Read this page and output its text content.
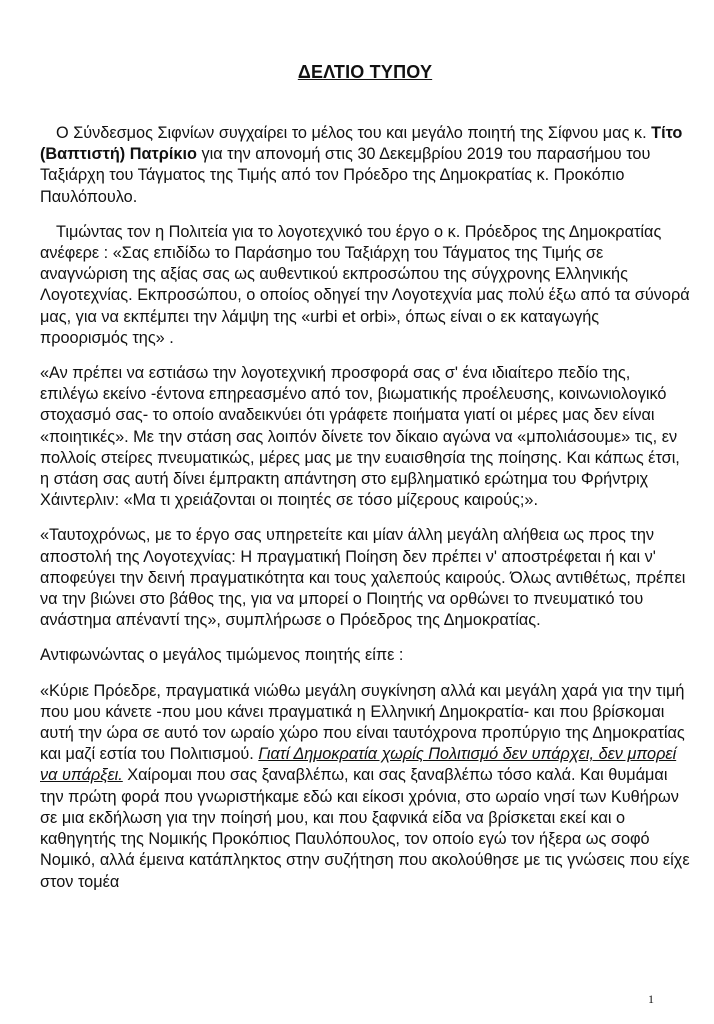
ΔΕΛΤΙΟ ΤΥΠΟΥ

Ο Σύνδεσμος Σιφνίων συγχαίρει το μέλος του και μεγάλο ποιητή της Σίφνου μας κ. Τίτο (Βαπτιστή) Πατρίκιο για την απονομή στις 30 Δεκεμβρίου 2019 του παρασήμου του Ταξιάρχη του Τάγματος της Τιμής από τον Πρόεδρο της Δημοκρατίας κ. Προκόπιο Παυλόπουλο.

Τιμώντας τον η Πολιτεία για το λογοτεχνικό του έργο ο κ. Πρόεδρος της Δημοκρατίας ανέφερε : «Σας επιδίδω το Παράσημο του Ταξιάρχη του Τάγματος της Τιμής σε αναγνώριση της αξίας σας ως αυθεντικού εκπροσώπου της σύγχρονης Ελληνικής Λογοτεχνίας. Εκπροσώπου, ο οποίος οδηγεί την Λογοτεχνία μας πολύ έξω από τα σύνορά μας, για να εκπέμπει την λάμψη της «urbi et orbi», όπως είναι ο εκ καταγωγής προορισμός της» .

«Αν πρέπει να εστιάσω την λογοτεχνική προσφορά σας σ' ένα ιδιαίτερο πεδίο της, επιλέγω εκείνο -έντονα επηρεασμένο από τον, βιωματικής προέλευσης, κοινωνιολογικό στοχασμό σας- το οποίο αναδεικνύει ότι γράφετε ποιήματα γιατί οι μέρες μας δεν είναι «ποιητικές». Με την στάση σας λοιπόν δίνετε τον δίκαιο αγώνα να «μπολιάσουμε» τις, εν πολλοίς στείρες πνευματικώς, μέρες μας με την ευαισθησία της ποίησης. Και κάπως έτσι, η στάση σας αυτή δίνει έμπρακτη απάντηση στο εμβληματικό ερώτημα του Φρήντριχ Χάιντερλιν: «Μα τι χρειάζονται οι ποιητές σε τόσο μίζερους καιρούς;».

«Ταυτοχρόνως, με το έργο σας υπηρετείτε και μίαν άλλη μεγάλη αλήθεια ως προς την αποστολή της Λογοτεχνίας: Η πραγματική Ποίηση δεν πρέπει ν' αποστρέφεται ή και ν' αποφεύγει την δεινή πραγματικότητα και τους χαλεπούς καιρούς. Όλως αντιθέτως, πρέπει να την βιώνει στο βάθος της, για να μπορεί ο Ποιητής να ορθώνει το πνευματικό του ανάστημα απέναντί της», συμπλήρωσε ο Πρόεδρος της Δημοκρατίας.

Αντιφωνώντας ο μεγάλος τιμώμενος ποιητής είπε :

«Κύριε Πρόεδρε, πραγματικά νιώθω μεγάλη συγκίνηση αλλά και μεγάλη χαρά για την τιμή που μου κάνετε -που μου κάνει πραγματικά η Ελληνική Δημοκρατία- και που βρίσκομαι αυτή την ώρα σε αυτό τον ωραίο χώρο που είναι ταυτόχρονα προπύργιο της Δημοκρατίας και μαζί εστία του Πολιτισμού. Γιατί Δημοκρατία χωρίς Πολιτισμό δεν υπάρχει, δεν μπορεί να υπάρξει. Χαίρομαι που σας ξαναβλέπω, και σας ξαναβλέπω τόσο καλά. Και θυμάμαι την πρώτη φορά που γνωριστήκαμε εδώ και είκοσι χρόνια, στο ωραίο νησί των Κυθήρων σε μια εκδήλωση για την ποίησή μου, και που ξαφνικά είδα να βρίσκεται εκεί και ο καθηγητής της Νομικής Προκόπιος Παυλόπουλος, τον οποίο εγώ τον ήξερα ως σοφό Νομικό, αλλά έμεινα κατάπληκτος στην συζήτηση που ακολούθησε με τις γνώσεις που είχε στον τομέα

1
